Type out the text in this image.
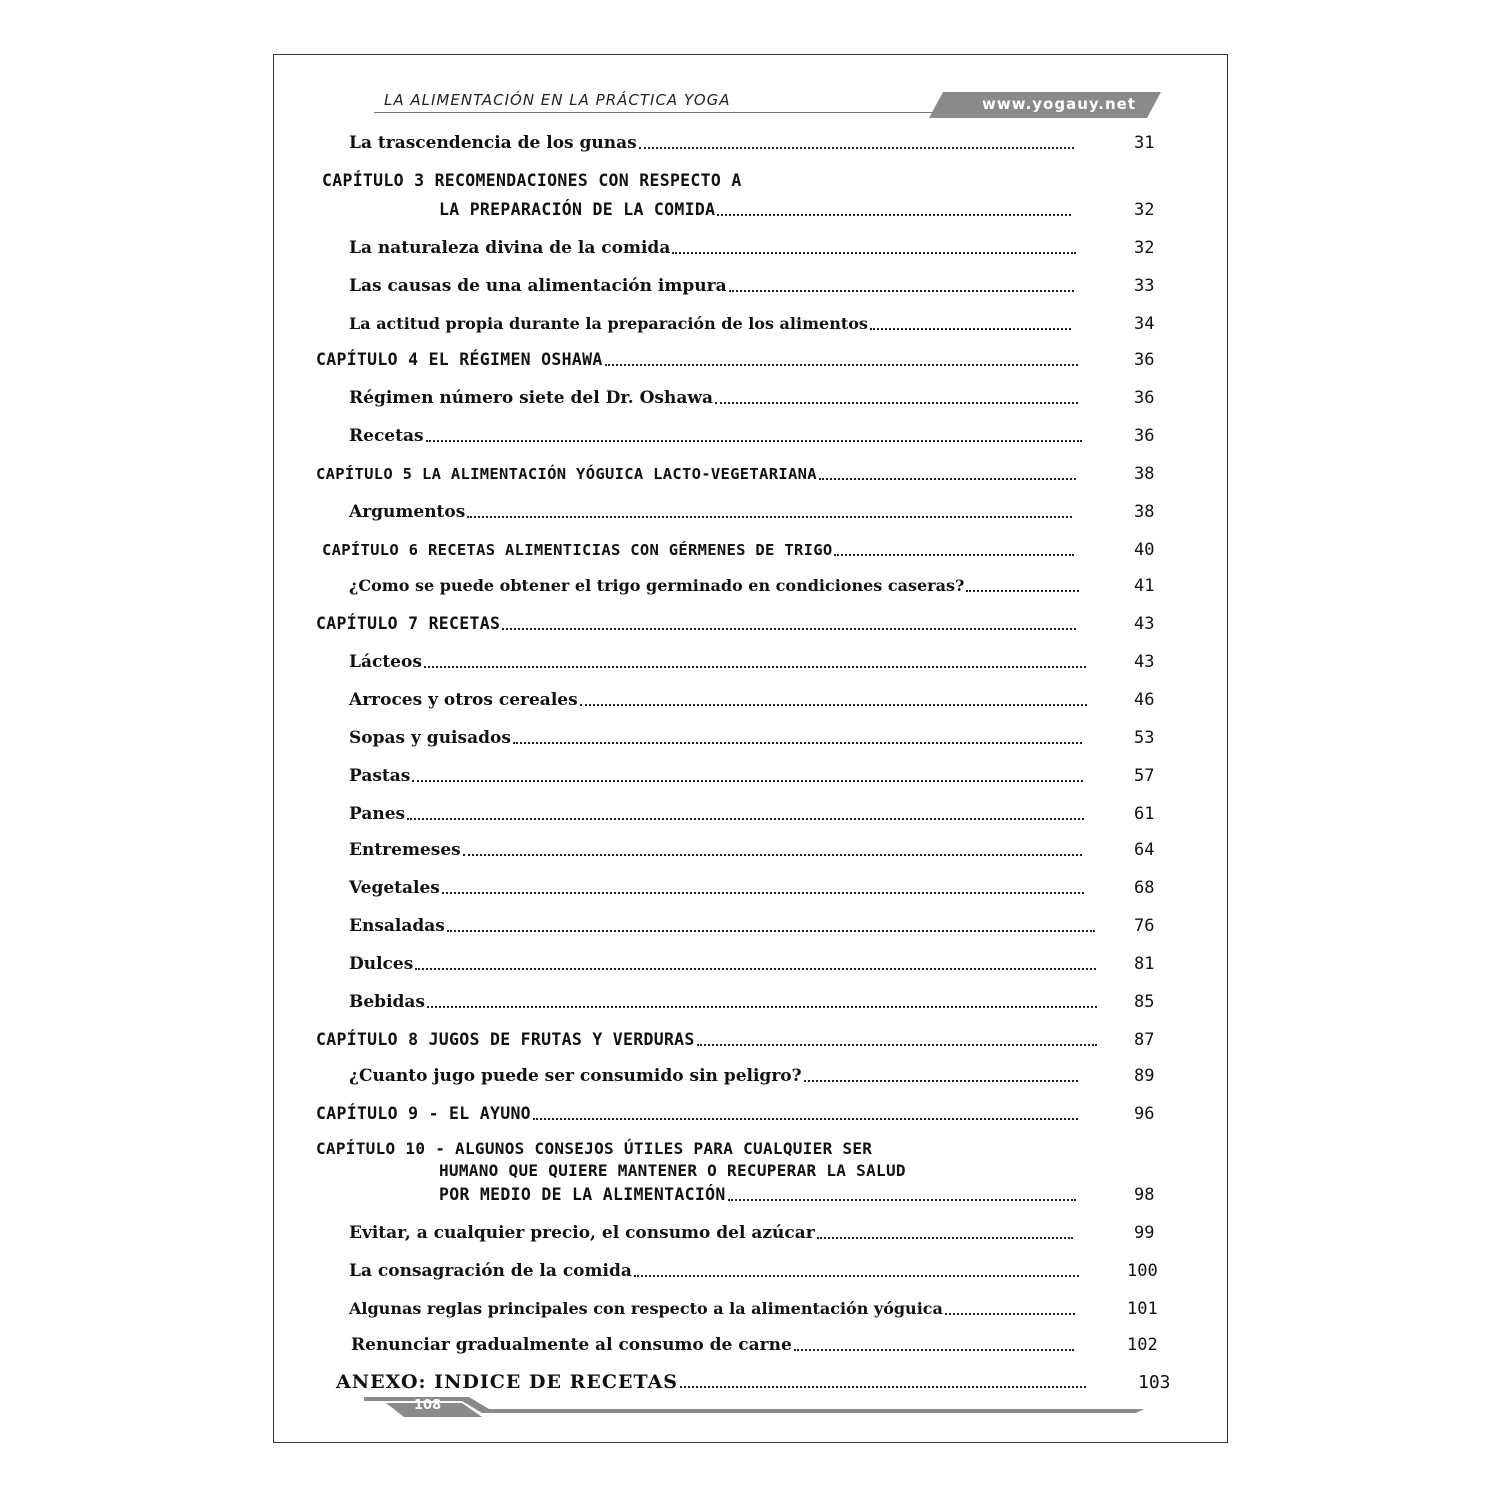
LA ALIMENTACIÓN EN LA PRÁCTICA YOGA	www.yogauy.net
La trascendencia de los gunas	31
CAPÍTULO 3 RECOMENDACIONES CON RESPECTO A
LA PREPARACIÓN DE LA COMIDA	32
La naturaleza divina de la comida	32
Las causas de una alimentación impura	33
La actitud propia durante la preparación de los alimentos	34
CAPÍTULO 4 EL RÉGIMEN OSHAWA	36
Régimen número siete del Dr. Oshawa	36
Recetas	36
CAPÍTULO 5 LA ALIMENTACIÓN YÓGUICA LACTO-VEGETARIANA	38
Argumentos	38
CAPÍTULO 6 RECETAS ALIMENTICIAS CON GÉRMENES DE TRIGO	40
¿Como se puede obtener el trigo germinado en condiciones caseras?	41
CAPÍTULO 7 RECETAS	43
Lácteos	43
Arroces y otros cereales	46
Sopas y guisados	53
Pastas	57
Panes	61
Entremeses	64
Vegetales	68
Ensaladas	76
Dulces	81
Bebidas	85
CAPÍTULO 8 JUGOS DE FRUTAS Y VERDURAS	87
¿Cuanto jugo puede ser consumido sin peligro?	89
CAPÍTULO 9 - EL AYUNO	96
CAPÍTULO 10 - ALGUNOS CONSEJOS ÚTILES PARA CUALQUIER SER
HUMANO QUE QUIERE MANTENER O RECUPERAR LA SALUD
POR MEDIO DE LA ALIMENTACIÓN	98
Evitar, a cualquier precio, el consumo del azúcar	99
La consagración de la comida	100
Algunas reglas principales con respecto a la alimentación yóguica	101
Renunciar gradualmente al consumo de carne	102
ANEXO: INDICE DE RECETAS	103
108
